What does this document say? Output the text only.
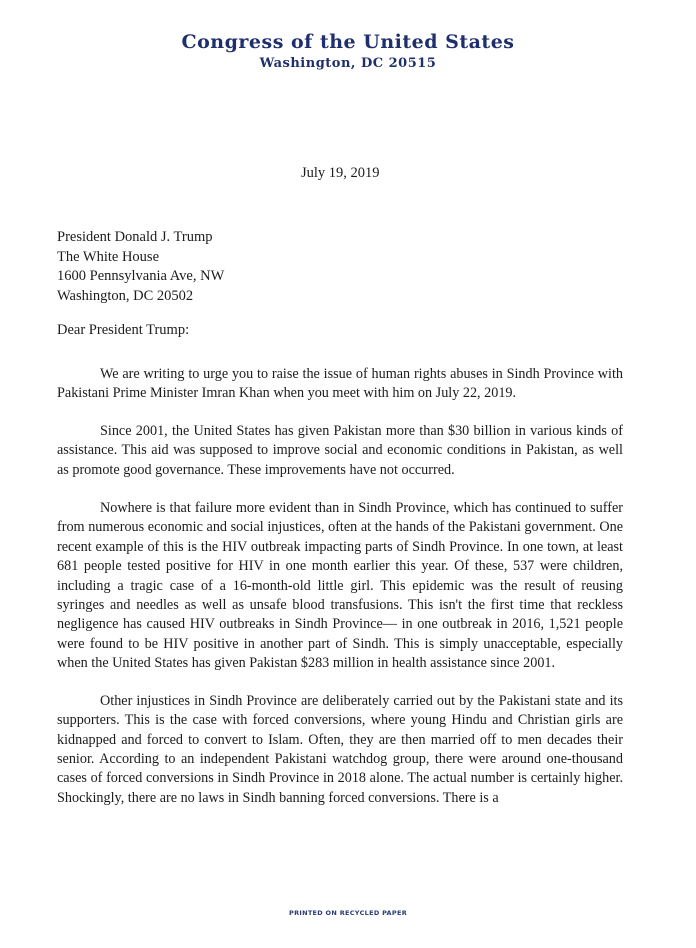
Congress of the United States
Washington, DC 20515
July 19, 2019
President Donald J. Trump
The White House
1600 Pennsylvania Ave, NW
Washington, DC 20502
Dear President Trump:

We are writing to urge you to raise the issue of human rights abuses in Sindh Province with Pakistani Prime Minister Imran Khan when you meet with him on July 22, 2019.

Since 2001, the United States has given Pakistan more than $30 billion in various kinds of assistance. This aid was supposed to improve social and economic conditions in Pakistan, as well as promote good governance. These improvements have not occurred.

Nowhere is that failure more evident than in Sindh Province, which has continued to suffer from numerous economic and social injustices, often at the hands of the Pakistani government. One recent example of this is the HIV outbreak impacting parts of Sindh Province. In one town, at least 681 people tested positive for HIV in one month earlier this year. Of these, 537 were children, including a tragic case of a 16-month-old little girl. This epidemic was the result of reusing syringes and needles as well as unsafe blood transfusions. This isn't the first time that reckless negligence has caused HIV outbreaks in Sindh Province— in one outbreak in 2016, 1,521 people were found to be HIV positive in another part of Sindh. This is simply unacceptable, especially when the United States has given Pakistan $283 million in health assistance since 2001.

Other injustices in Sindh Province are deliberately carried out by the Pakistani state and its supporters. This is the case with forced conversions, where young Hindu and Christian girls are kidnapped and forced to convert to Islam. Often, they are then married off to men decades their senior. According to an independent Pakistani watchdog group, there were around one-thousand cases of forced conversions in Sindh Province in 2018 alone. The actual number is certainly higher. Shockingly, there are no laws in Sindh banning forced conversions. There is a

PRINTED ON RECYCLED PAPER
